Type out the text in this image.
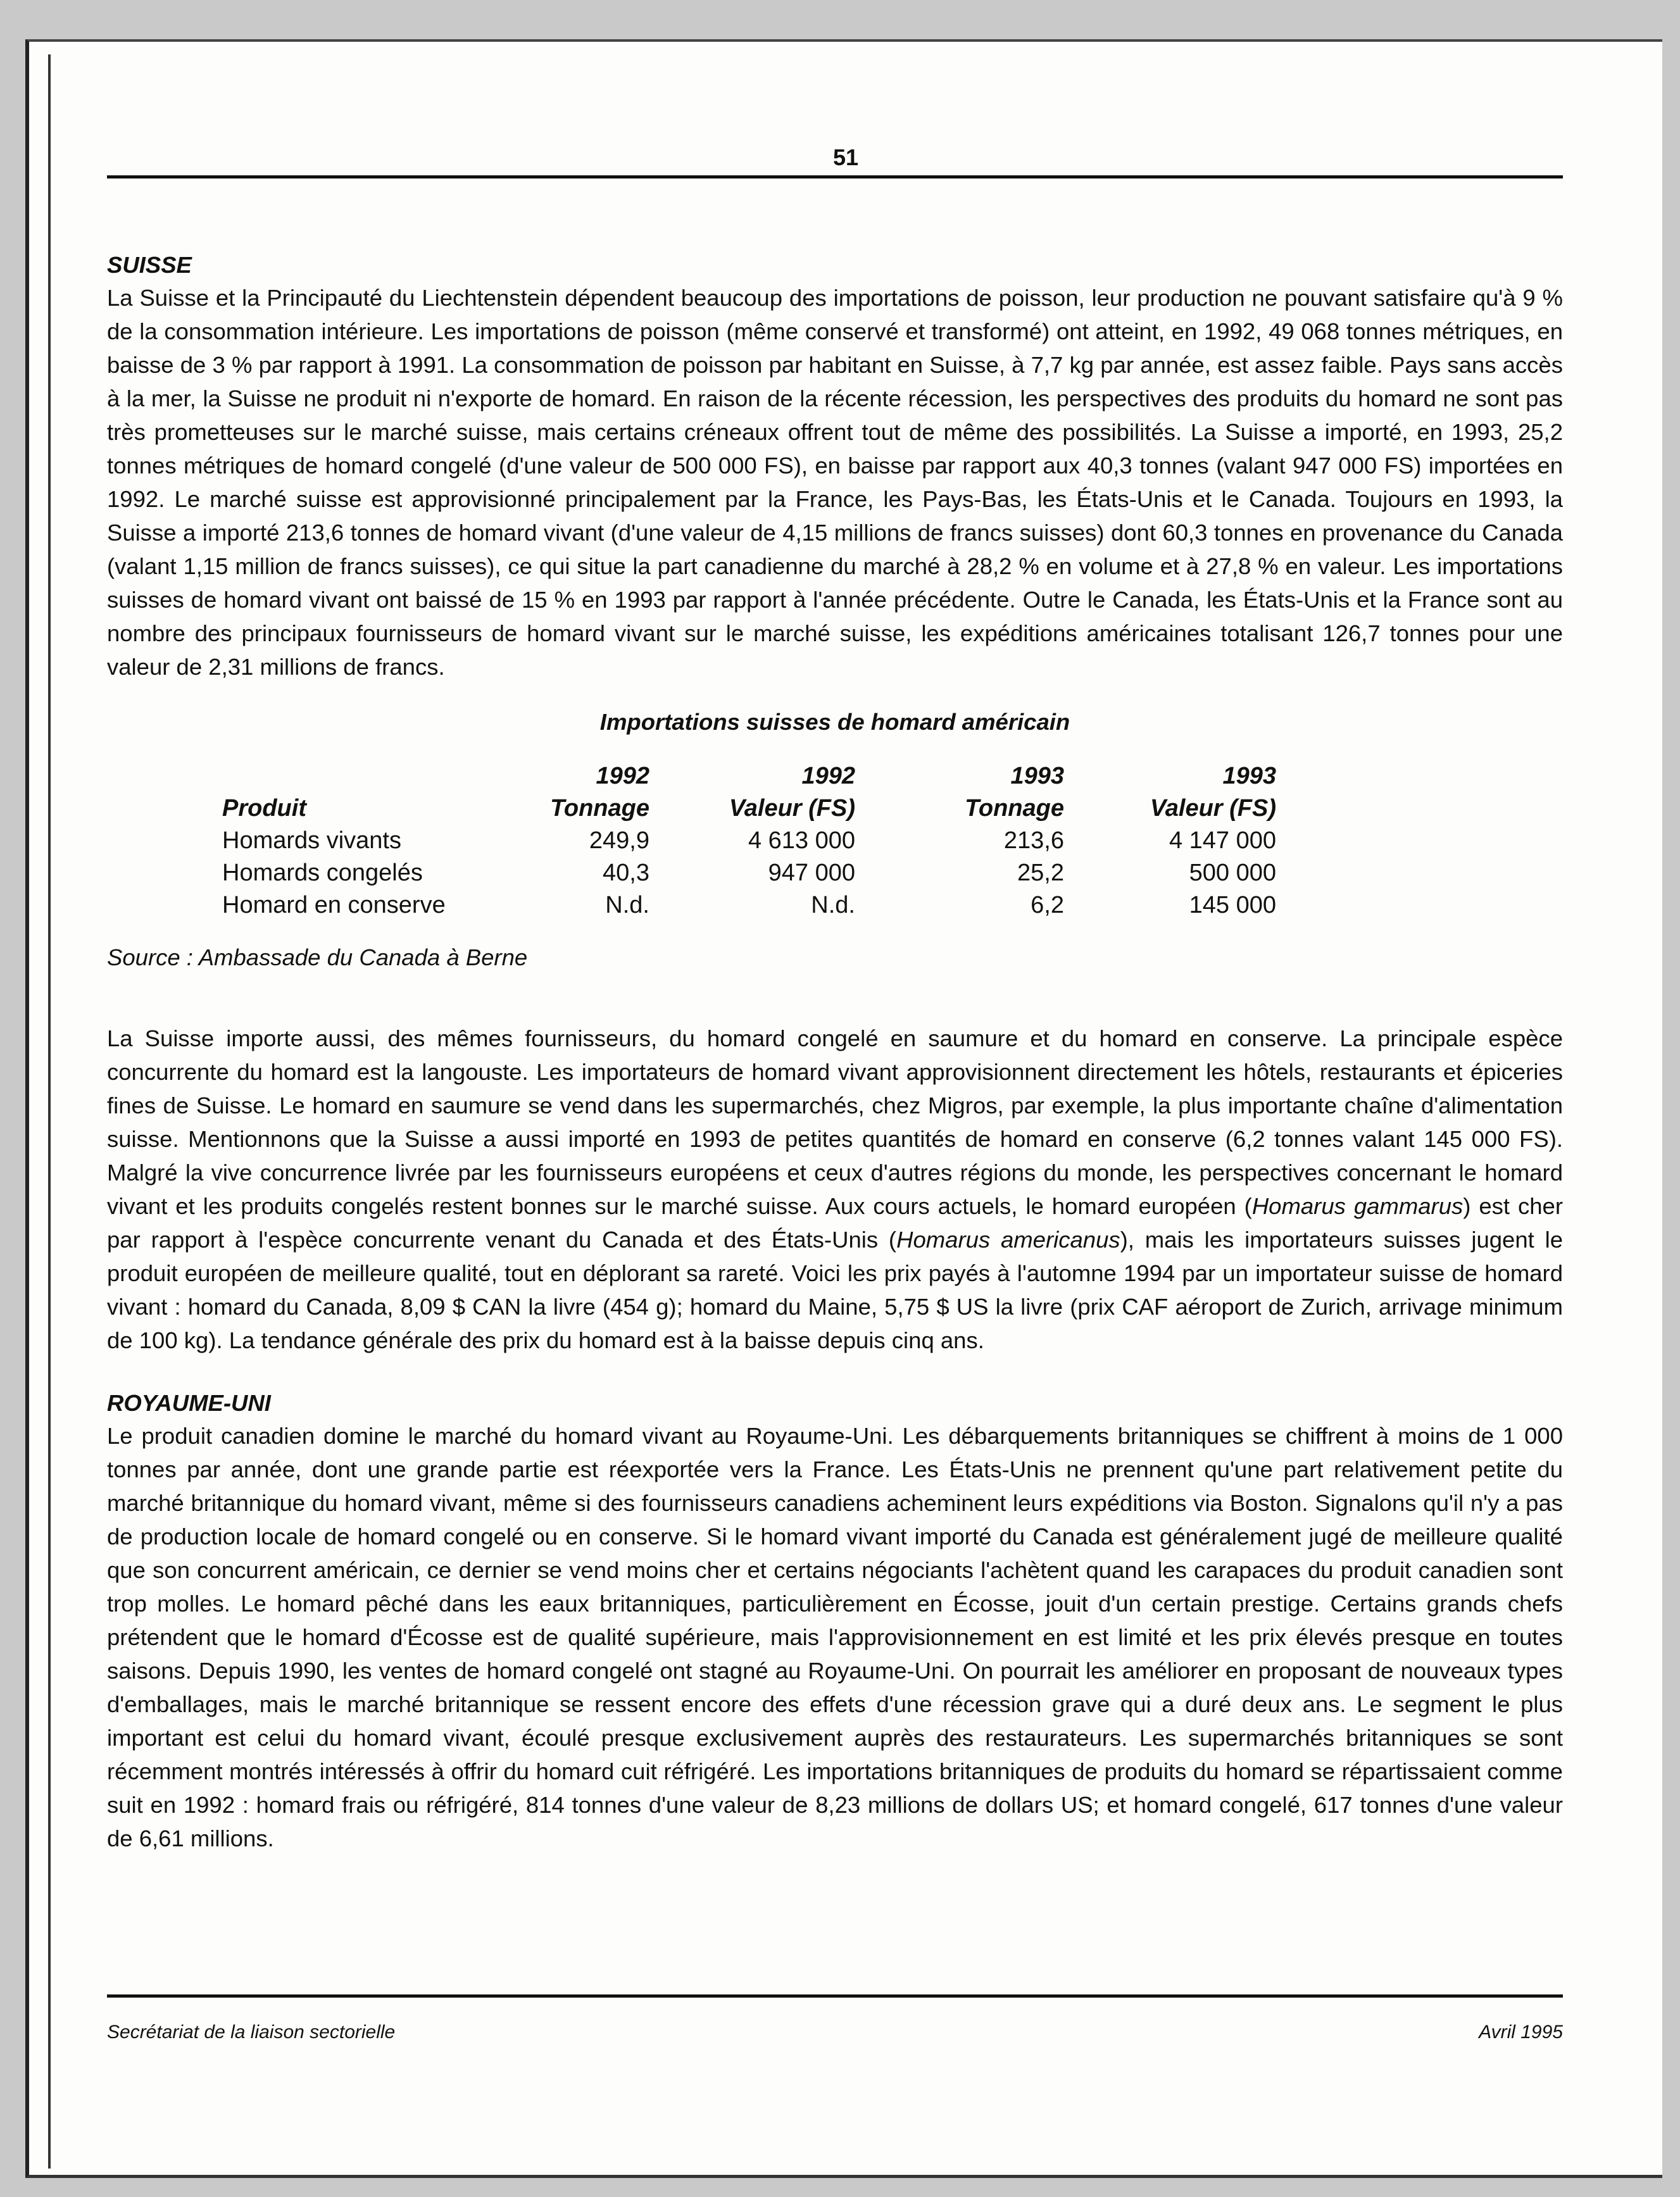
51
SUISSE

La Suisse et la Principauté du Liechtenstein dépendent beaucoup des importations de poisson, leur production ne pouvant satisfaire qu'à 9 % de la consommation intérieure. Les importations de poisson (même conservé et transformé) ont atteint, en 1992, 49 068 tonnes métriques, en baisse de 3 % par rapport à 1991. La consommation de poisson par habitant en Suisse, à 7,7 kg par année, est assez faible. Pays sans accès à la mer, la Suisse ne produit ni n'exporte de homard. En raison de la récente récession, les perspectives des produits du homard ne sont pas très prometteuses sur le marché suisse, mais certains créneaux offrent tout de même des possibilités. La Suisse a importé, en 1993, 25,2 tonnes métriques de homard congelé (d'une valeur de 500 000 FS), en baisse par rapport aux 40,3 tonnes (valant 947 000 FS) importées en 1992. Le marché suisse est approvisionné principalement par la France, les Pays-Bas, les États-Unis et le Canada. Toujours en 1993, la Suisse a importé 213,6 tonnes de homard vivant (d'une valeur de 4,15 millions de francs suisses) dont 60,3 tonnes en provenance du Canada (valant 1,15 million de francs suisses), ce qui situe la part canadienne du marché à 28,2 % en volume et à 27,8 % en valeur. Les importations suisses de homard vivant ont baissé de 15 % en 1993 par rapport à l'année précédente. Outre le Canada, les États-Unis et la France sont au nombre des principaux fournisseurs de homard vivant sur le marché suisse, les expéditions américaines totalisant 126,7 tonnes pour une valeur de 2,31 millions de francs.

Importations suisses de homard américain
	1992	1992	1993	1993
Produit	Tonnage	Valeur (FS)	Tonnage	Valeur (FS)
Homards vivants	249,9	4 613 000	213,6	4 147 000
Homards congelés	40,3	947 000	25,2	500 000
Homard en conserve	N.d.	N.d.	6,2	145 000
Source : Ambassade du Canada à Berne

La Suisse importe aussi, des mêmes fournisseurs, du homard congelé en saumure et du homard en conserve. La principale espèce concurrente du homard est la langouste. Les importateurs de homard vivant approvisionnent directement les hôtels, restaurants et épiceries fines de Suisse. Le homard en saumure se vend dans les supermarchés, chez Migros, par exemple, la plus importante chaîne d'alimentation suisse. Mentionnons que la Suisse a aussi importé en 1993 de petites quantités de homard en conserve (6,2 tonnes valant 145 000 FS). Malgré la vive concurrence livrée par les fournisseurs européens et ceux d'autres régions du monde, les perspectives concernant le homard vivant et les produits congelés restent bonnes sur le marché suisse. Aux cours actuels, le homard européen (Homarus gammarus) est cher par rapport à l'espèce concurrente venant du Canada et des États-Unis (Homarus americanus), mais les importateurs suisses jugent le produit européen de meilleure qualité, tout en déplorant sa rareté. Voici les prix payés à l'automne 1994 par un importateur suisse de homard vivant : homard du Canada, 8,09 $ CAN la livre (454 g); homard du Maine, 5,75 $ US la livre (prix CAF aéroport de Zurich, arrivage minimum de 100 kg). La tendance générale des prix du homard est à la baisse depuis cinq ans.

ROYAUME-UNI

Le produit canadien domine le marché du homard vivant au Royaume-Uni. Les débarquements britanniques se chiffrent à moins de 1 000 tonnes par année, dont une grande partie est réexportée vers la France. Les États-Unis ne prennent qu'une part relativement petite du marché britannique du homard vivant, même si des fournisseurs canadiens acheminent leurs expéditions via Boston. Signalons qu'il n'y a pas de production locale de homard congelé ou en conserve. Si le homard vivant importé du Canada est généralement jugé de meilleure qualité que son concurrent américain, ce dernier se vend moins cher et certains négociants l'achètent quand les carapaces du produit canadien sont trop molles. Le homard pêché dans les eaux britanniques, particulièrement en Écosse, jouit d'un certain prestige. Certains grands chefs prétendent que le homard d'Écosse est de qualité supérieure, mais l'approvisionnement en est limité et les prix élevés presque en toutes saisons. Depuis 1990, les ventes de homard congelé ont stagné au Royaume-Uni. On pourrait les améliorer en proposant de nouveaux types d'emballages, mais le marché britannique se ressent encore des effets d'une récession grave qui a duré deux ans. Le segment le plus important est celui du homard vivant, écoulé presque exclusivement auprès des restaurateurs. Les supermarchés britanniques se sont récemment montrés intéressés à offrir du homard cuit réfrigéré. Les importations britanniques de produits du homard se répartissaient comme suit en 1992 : homard frais ou réfrigéré, 814 tonnes d'une valeur de 8,23 millions de dollars US; et homard congelé, 617 tonnes d'une valeur de 6,61 millions.

Secrétariat de la liaison sectorielle	Avril 1995
